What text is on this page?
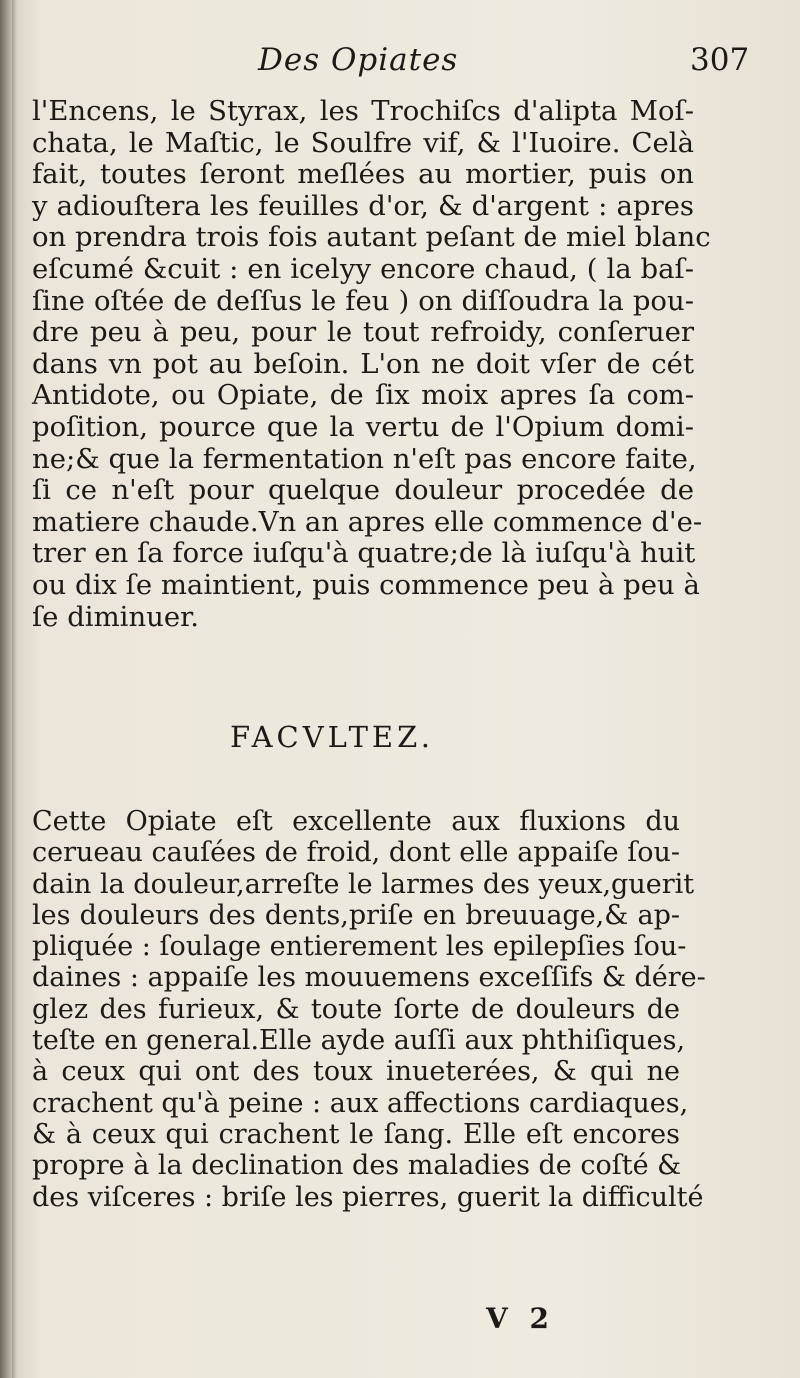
Des Opiates	307
l'Encens, le Styrax, les Trochiſcs d'alipta Moſ-
chata, le Maſtic, le Soulfre vif, & l'Iuoire. Celà
fait, toutes ſeront meſlées au mortier, puis on
y adiouſtera les feuilles d'or, & d'argent : apres
on prendra trois fois autant peſant de miel blanc
eſcumé &cuit : en icelуy encore chaud, ( la baſ-
ſine oſtée de deſſus le feu ) on diſſoudra la pou-
dre peu à peu, pour le tout refroidy, conſeruer
dans vn pot au beſoin. L'on ne doit vſer de cét
Antidote, ou Opiate, de ſix moix apres ſa com-
poſition, pource que la vertu de l'Opium domi-
ne;& que la fermentation n'eſt pas encore faite,
ſi ce n'eſt pour quelque douleur procedée de
matiere chaude.Vn an apres elle commence d'e-
trer en ſa force iuſqu'à quatre;de là iuſqu'à huit
ou dix ſe maintient, puis commence peu à peu à
ſe diminuer.
FACVLTEZ.
Cette Opiate eſt excellente aux fluxions du
cerueau cauſées de froid, dont elle appaiſe ſou-
dain la douleur,arreſte le larmes des yeux,guerit
les douleurs des dents,priſe en breuuage,& ap-
pliquée : ſoulage entierement les epilepſies ſou-
daines : appaiſe les mouuemens exceſſifs & dére-
glez des furieux, & toute ſorte de douleurs de
teſte en general.Elle ayde auſſi aux phthiſiques,
à ceux qui ont des toux inueterées, & qui ne
crachent qu'à peine : aux affections cardiaques,
& à ceux qui crachent le ſang. Elle eſt encores
propre à la declination des maladies de coſté &
des viſceres : briſe les pierres, guerit la difficulté
V 2
